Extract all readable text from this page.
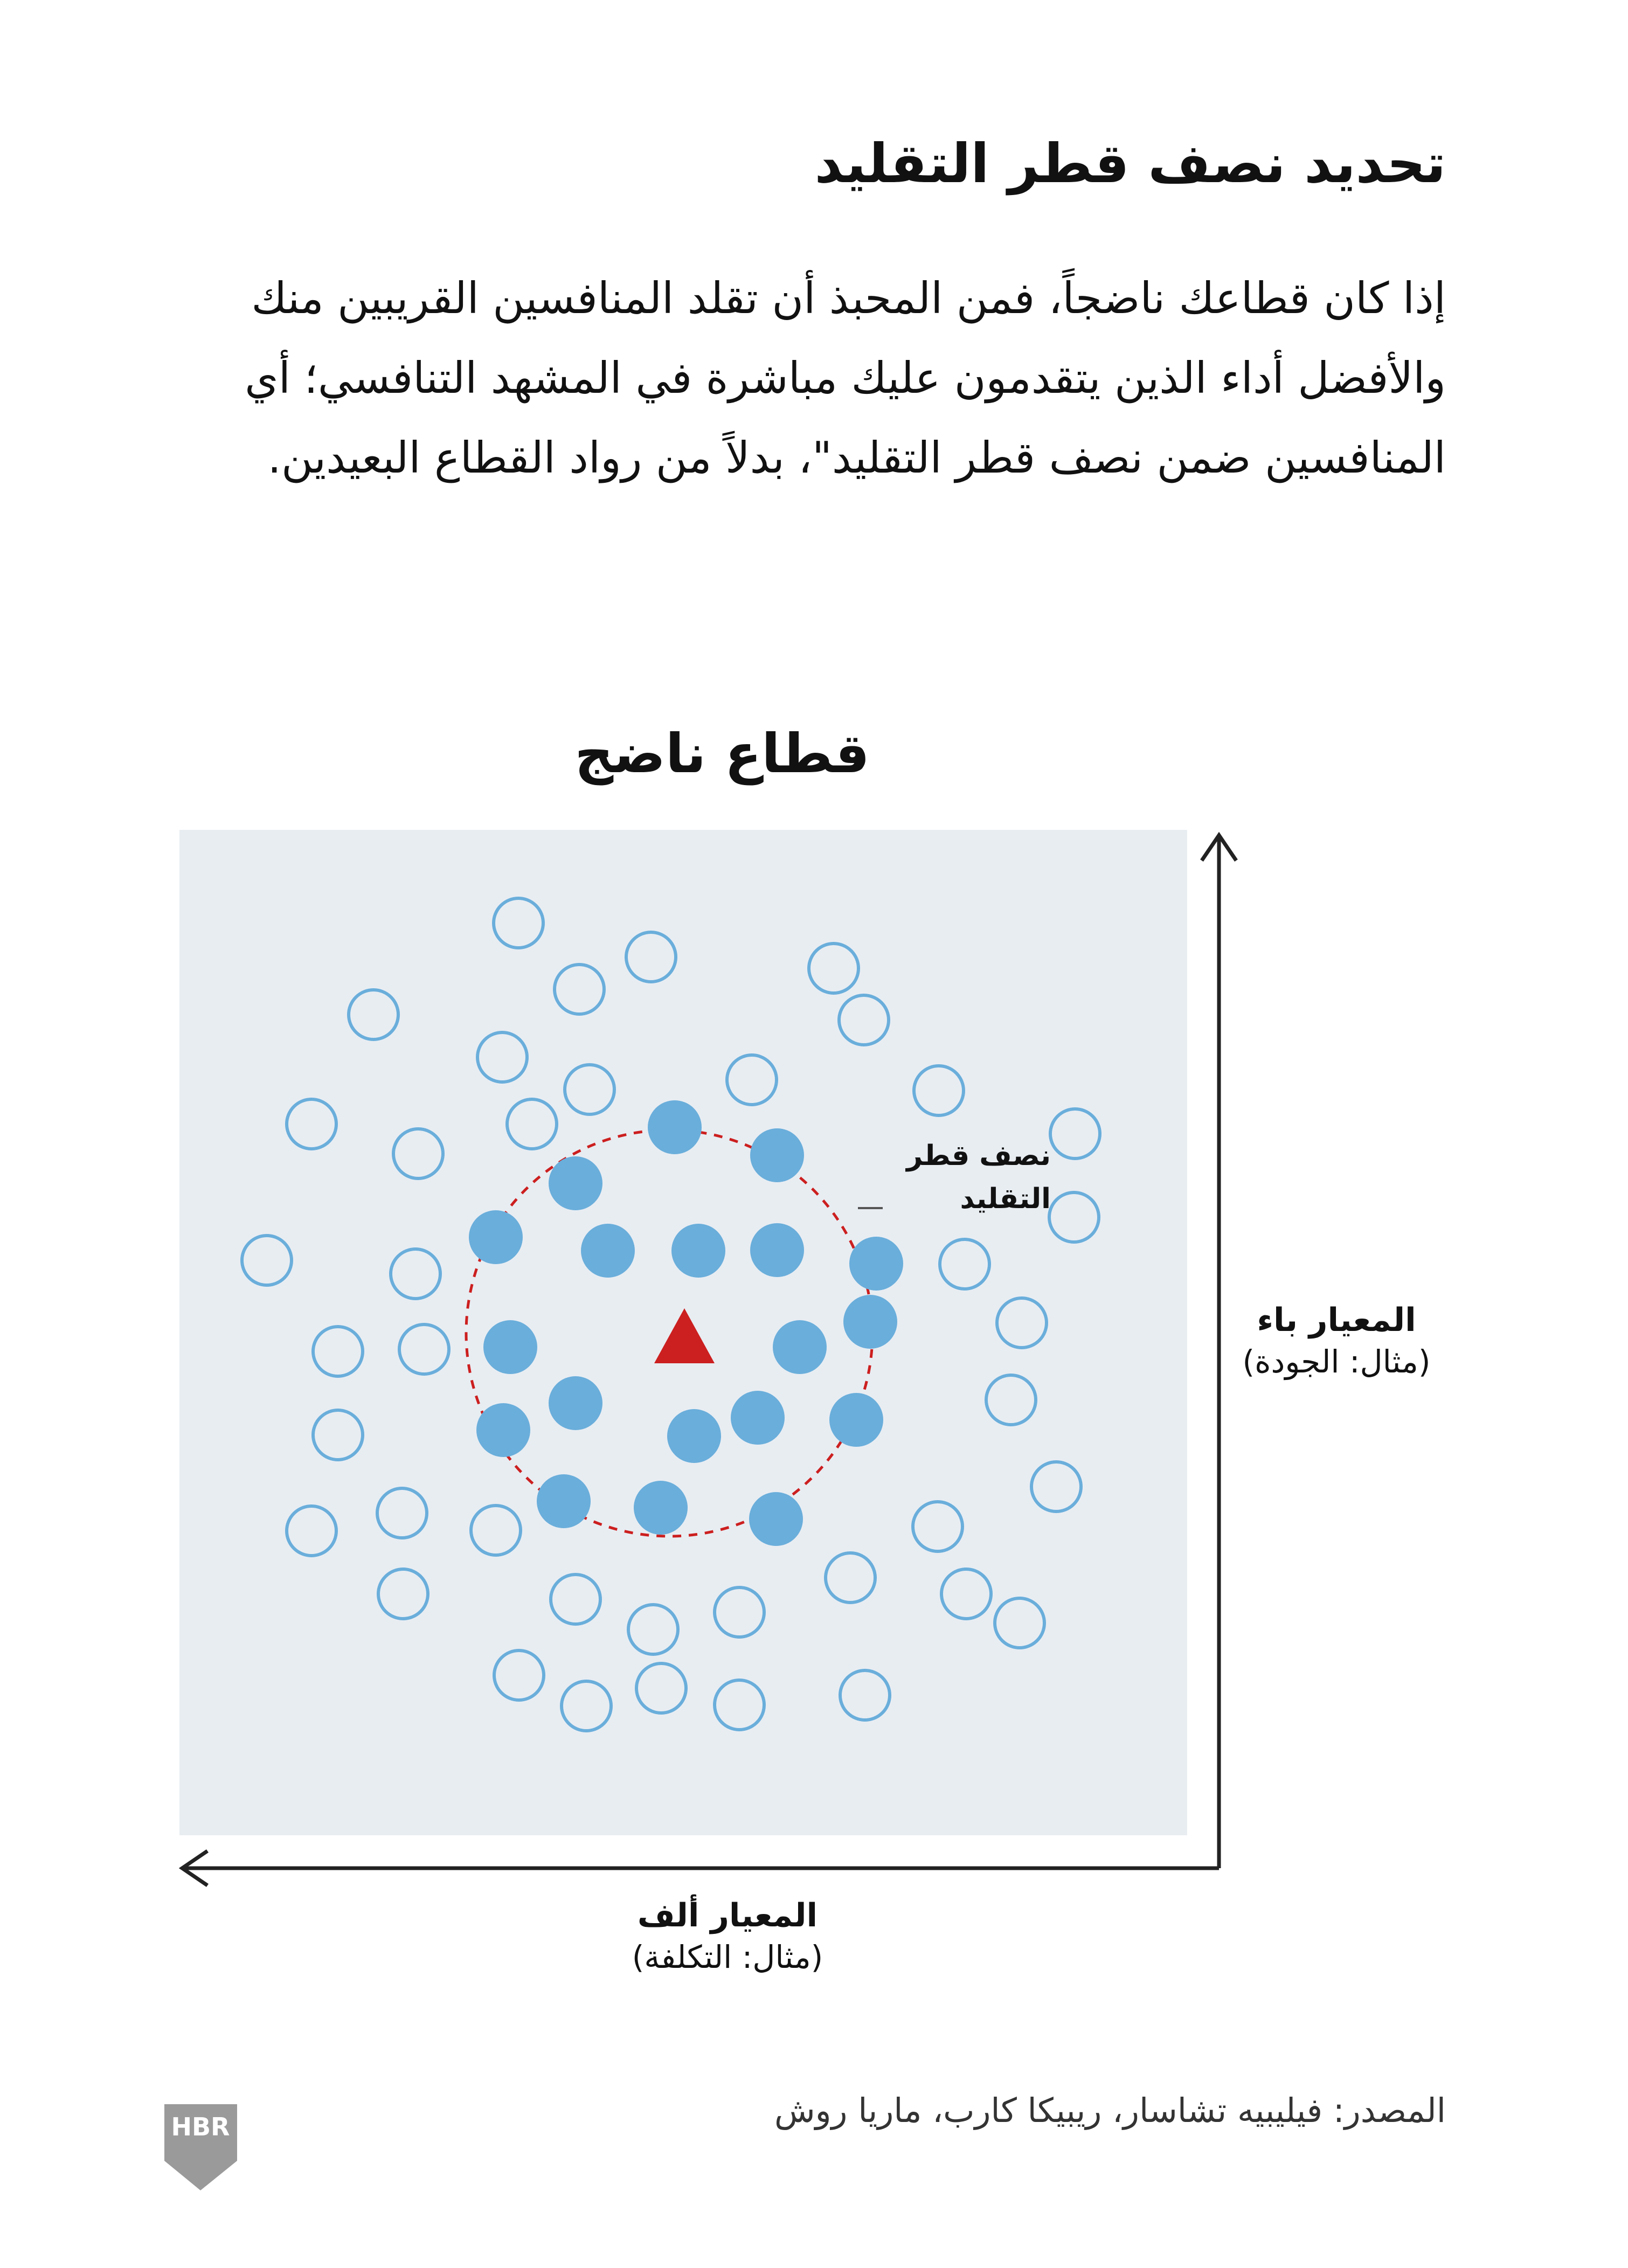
تحديد نصف قطر التقليد

إذا كان قطاعك ناضجاً، فمن المحبذ أن تقلد المنافسين القريبين منك والأفضل أداء الذين يتقدمون عليك مباشرة في المشهد التنافسي؛ أي المنافسين ضمن نصف قطر التقليد"، بدلاً من رواد القطاع البعيدين.

قطاع ناضج
نصف قطر التقليد
المعيار باء
(مثال: الجودة)
المعيار ألف
(مثال: التكلفة)
المصدر: فيليبيه تشاسار، ريبيكا كارب، ماريا روش
HBR
